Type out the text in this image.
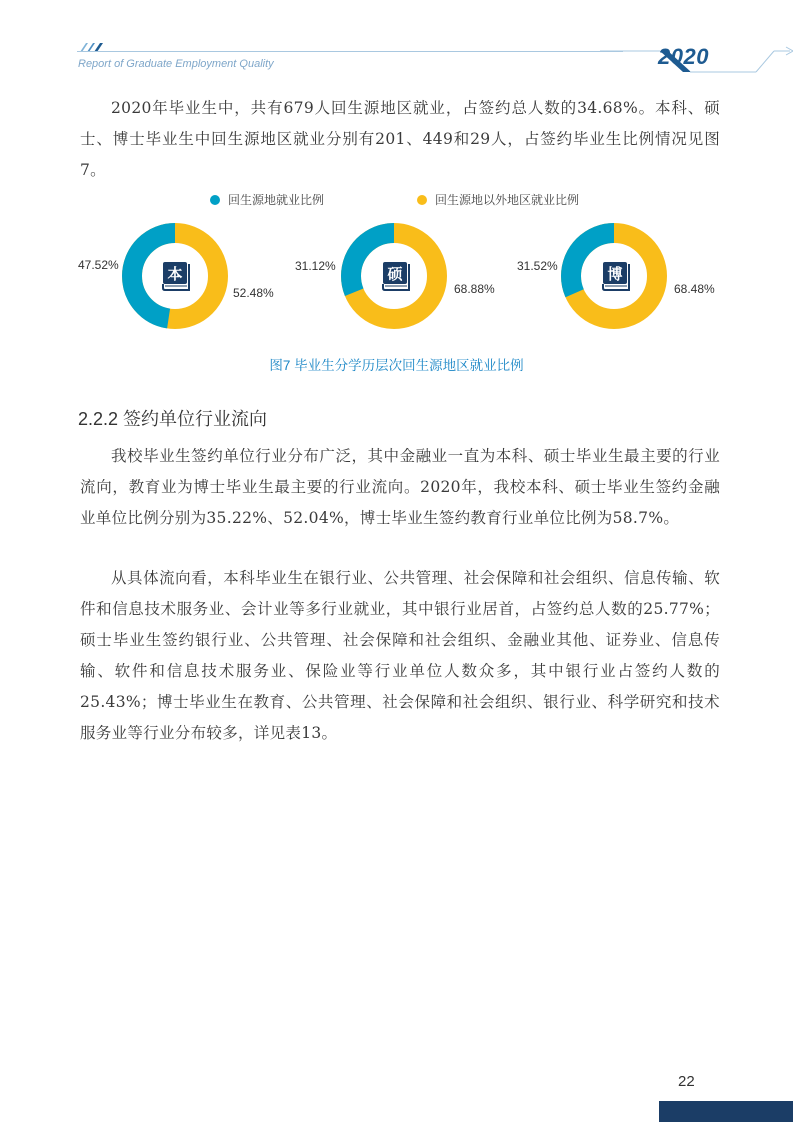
Report of Graduate Employment Quality	2020
2020年毕业生中，共有679人回生源地区就业，占签约总人数的34.68%。本科、硕士、博士毕业生中回生源地区就业分别有201、449和29人，占签约毕业生比例情况见图7。
回生源地就业比例	回生源地以外地区就业比例
47.52%
52.48%
本	31.12%
68.88%
硕	31.52%
68.48%
博
图7 毕业生分学历层次回生源地区就业比例
2.2.2 签约单位行业流向
我校毕业生签约单位行业分布广泛，其中金融业一直为本科、硕士毕业生最主要的行业流向，教育业为博士毕业生最主要的行业流向。2020年，我校本科、硕士毕业生签约金融业单位比例分别为35.22%、52.04%，博士毕业生签约教育行业单位比例为58.7%。
从具体流向看，本科毕业生在银行业、公共管理、社会保障和社会组织、信息传输、软件和信息技术服务业、会计业等多行业就业，其中银行业居首，占签约总人数的25.77%；硕士毕业生签约银行业、公共管理、社会保障和社会组织、金融业其他、证券业、信息传输、软件和信息技术服务业、保险业等行业单位人数众多，其中银行业占签约人数的25.43%；博士毕业生在教育、公共管理、社会保障和社会组织、银行业、科学研究和技术服务业等行业分布较多，详见表13。
22
